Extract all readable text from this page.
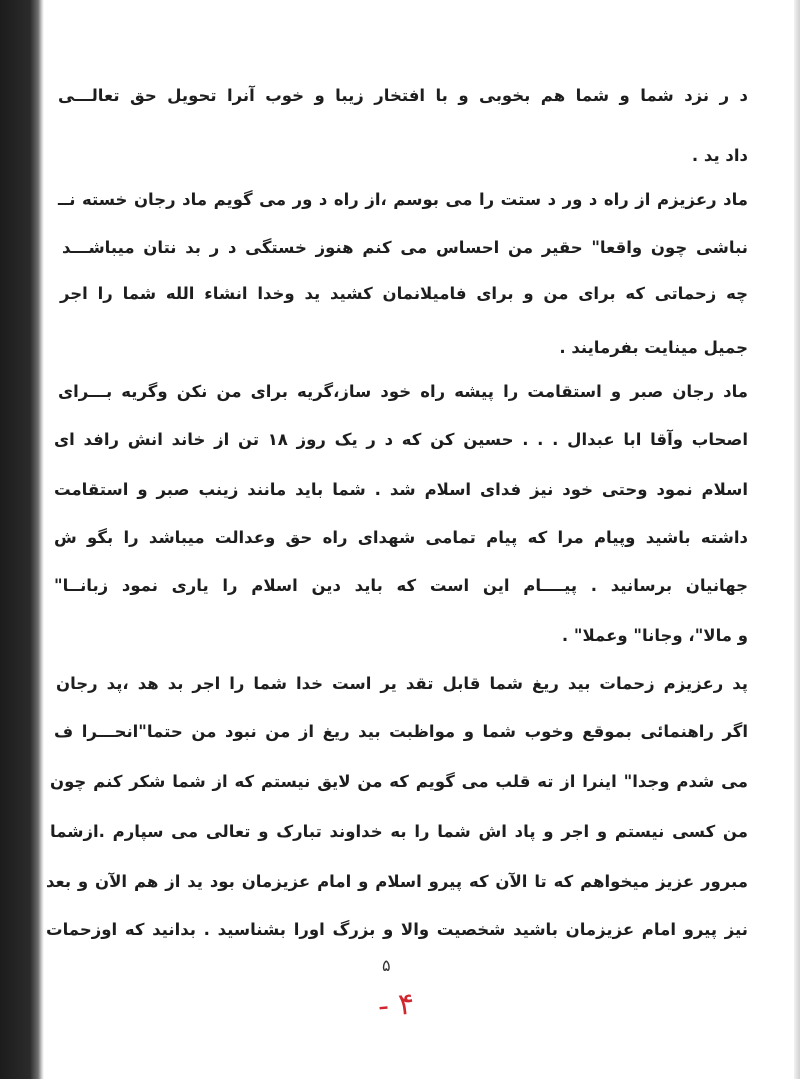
د ر نزد شما و شما هم بخوبی و با افتخار زیبا و خوب آنرا تحویل حق تعالـــی
داد ید .
ماد رعزیزم از راه د ور د ستت را می بوسم ،از راه د ور می گویم ماد رجان خسته نــ
نباشی چون واقعا" حقیر من احساس می کنم هنوز خستگی د ر بد نتان میباشـــد
چه زحماتی که برای من و برای فامیلانمان کشید ید وخدا انشاء الله شما را اجر
جمیل مینایت بفرمایند .
ماد رجان صبر و استقامت را پیشه راه خود ساز،گریه برای من نکن وگریه بـــرای
اصحاب وآقا ابا عبدال . . . حسین کن که د ر یک روز ۱۸ تن از خاند انش رافد ای
اسلام نمود وحتی خود نیز فدای اسلام شد . شما باید مانند زینب صبر و استقامت
داشته باشید وپیام مرا که پیام تمامی شهدای راه حق وعدالت میباشد را بگو ش
جهانیان برسانید . پیــــام این است که باید دین اسلام را یاری نمود زبانــا"
و مالا"، وجانا" وعملا" .
پد رعزیزم زحمات بید ریغ شما قابل تقد یر است خدا شما را اجر بد هد ،پد رجان
اگر راهنمائی بموقع وخوب شما و مواظبت بید ریغ از من نبود من حتما"انحـــرا ف
می شدم وجدا" اینرا از ته قلب می گویم که من لایق نیستم که از شما شکر کنم چون
من کسی نیستم و اجر و پاد اش شما را به خداوند تبارک و تعالی می سپارم .ازشما
مبرور عزیز میخواهم که تا الآن که پیرو اسلام و امام عزیزمان بود ید از هم الآن و بعد
نیز پیرو امام عزیزمان باشید شخصیت والا و بزرگ اورا بشناسید . بدانید که اوزحمات
۵
- ۴
